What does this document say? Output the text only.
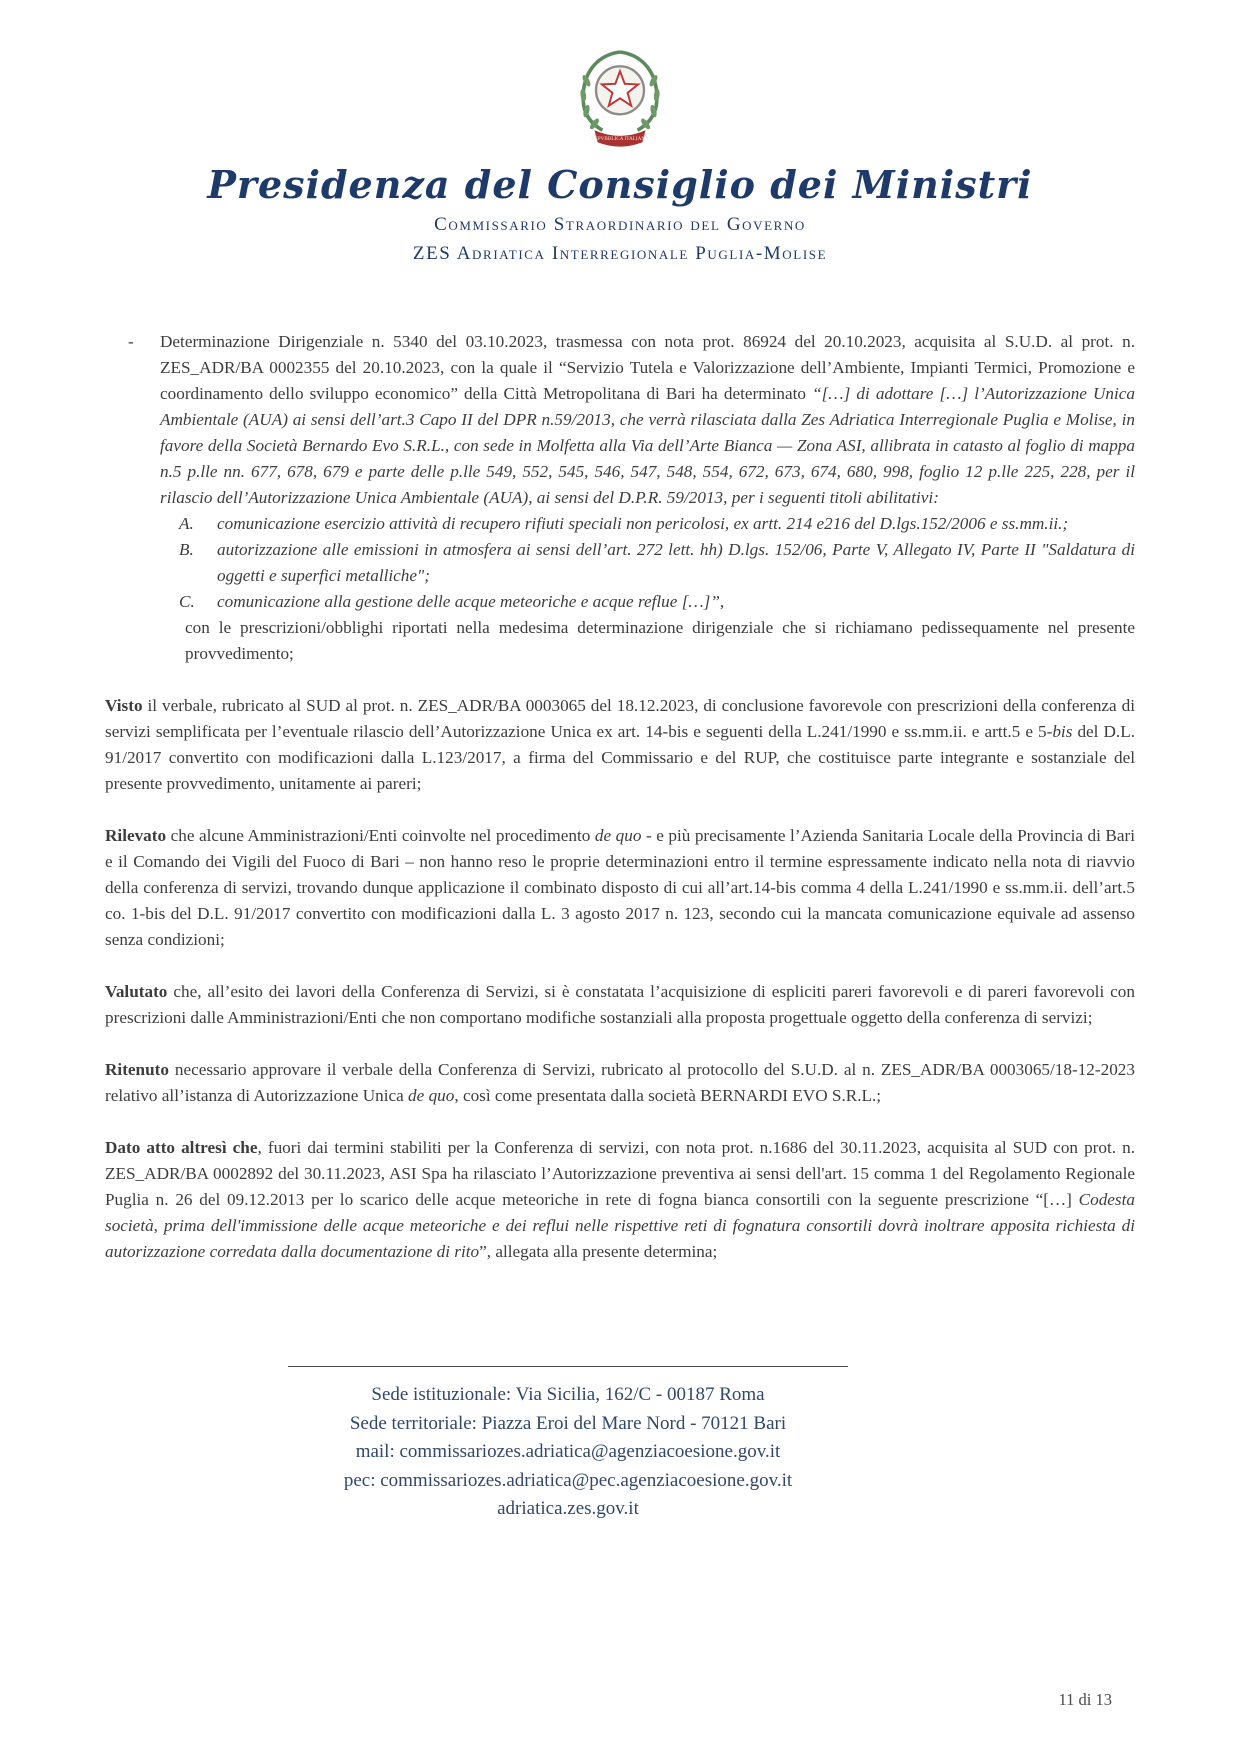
REPVBBLICA ITALIANA
Presidenza del Consiglio dei Ministri
Commissario Straordinario del Governo
ZES Adriatica Interregionale Puglia-Molise
- Determinazione Dirigenziale n. 5340 del 03.10.2023, trasmessa con nota prot. 86924 del 20.10.2023, acquisita al S.U.D. al prot. n. ZES_ADR/BA 0002355 del 20.10.2023, con la quale il “Servizio Tutela e Valorizzazione dell’Ambiente, Impianti Termici, Promozione e coordinamento dello sviluppo economico” della Città Metropolitana di Bari ha determinato “[…] di adottare […] l’Autorizzazione Unica Ambientale (AUA) ai sensi dell’art.3 Capo II del DPR n.59/2013, che verrà rilasciata dalla Zes Adriatica Interregionale Puglia e Molise, in favore della Società Bernardo Evo S.R.L., con sede in Molfetta alla Via dell’Arte Bianca — Zona ASI, allibrata in catasto al foglio di mappa n.5 p.lle nn. 677, 678, 679 e parte delle p.lle 549, 552, 545, 546, 547, 548, 554, 672, 673, 674, 680, 998, foglio 12 p.lle 225, 228, per il rilascio dell’Autorizzazione Unica Ambientale (AUA), ai sensi del D.P.R. 59/2013, per i seguenti titoli abilitativi:
A. comunicazione esercizio attività di recupero rifiuti speciali non pericolosi, ex artt. 214 e216 del D.lgs.152/2006 e ss.mm.ii.;
B. autorizzazione alle emissioni in atmosfera ai sensi dell’art. 272 lett. hh) D.lgs. 152/06, Parte V, Allegato IV, Parte II "Saldatura di oggetti e superfici metalliche";
C. comunicazione alla gestione delle acque meteoriche e acque reflue […]”,
con le prescrizioni/obblighi riportati nella medesima determinazione dirigenziale che si richiamano pedissequamente nel presente provvedimento;
Visto il verbale, rubricato al SUD al prot. n. ZES_ADR/BA 0003065 del 18.12.2023, di conclusione favorevole con prescrizioni della conferenza di servizi semplificata per l’eventuale rilascio dell’Autorizzazione Unica ex art. 14-bis e seguenti della L.241/1990 e ss.mm.ii. e artt.5 e 5-bis del D.L. 91/2017 convertito con modificazioni dalla L.123/2017, a firma del Commissario e del RUP, che costituisce parte integrante e sostanziale del presente provvedimento, unitamente ai pareri;
Rilevato che alcune Amministrazioni/Enti coinvolte nel procedimento de quo - e più precisamente l’Azienda Sanitaria Locale della Provincia di Bari e il Comando dei Vigili del Fuoco di Bari – non hanno reso le proprie determinazioni entro il termine espressamente indicato nella nota di riavvio della conferenza di servizi, trovando dunque applicazione il combinato disposto di cui all’art.14-bis comma 4 della L.241/1990 e ss.mm.ii. dell’art.5 co. 1-bis del D.L. 91/2017 convertito con modificazioni dalla L. 3 agosto 2017 n. 123, secondo cui la mancata comunicazione equivale ad assenso senza condizioni;
Valutato che, all’esito dei lavori della Conferenza di Servizi, si è constatata l’acquisizione di espliciti pareri favorevoli e di pareri favorevoli con prescrizioni dalle Amministrazioni/Enti che non comportano modifiche sostanziali alla proposta progettuale oggetto della conferenza di servizi;
Ritenuto necessario approvare il verbale della Conferenza di Servizi, rubricato al protocollo del S.U.D. al n. ZES_ADR/BA 0003065/18-12-2023 relativo all’istanza di Autorizzazione Unica de quo, così come presentata dalla società BERNARDI EVO S.R.L.;
Dato atto altresì che, fuori dai termini stabiliti per la Conferenza di servizi, con nota prot. n.1686 del 30.11.2023, acquisita al SUD con prot. n. ZES_ADR/BA 0002892 del 30.11.2023, ASI Spa ha rilasciato l’Autorizzazione preventiva ai sensi dell'art. 15 comma 1 del Regolamento Regionale Puglia n. 26 del 09.12.2013 per lo scarico delle acque meteoriche in rete di fogna bianca consortili con la seguente prescrizione “[…] Codesta società, prima dell'immissione delle acque meteoriche e dei reflui nelle rispettive reti di fognatura consortili dovrà inoltrare apposita richiesta di autorizzazione corredata dalla documentazione di rito”, allegata alla presente determina;
Sede istituzionale: Via Sicilia, 162/C - 00187 Roma
Sede territoriale: Piazza Eroi del Mare Nord - 70121 Bari
mail: commissariozes.adriatica@agenziacoesione.gov.it
pec: commissariozes.adriatica@pec.agenziacoesione.gov.it
adriatica.zes.gov.it
11 di 13
